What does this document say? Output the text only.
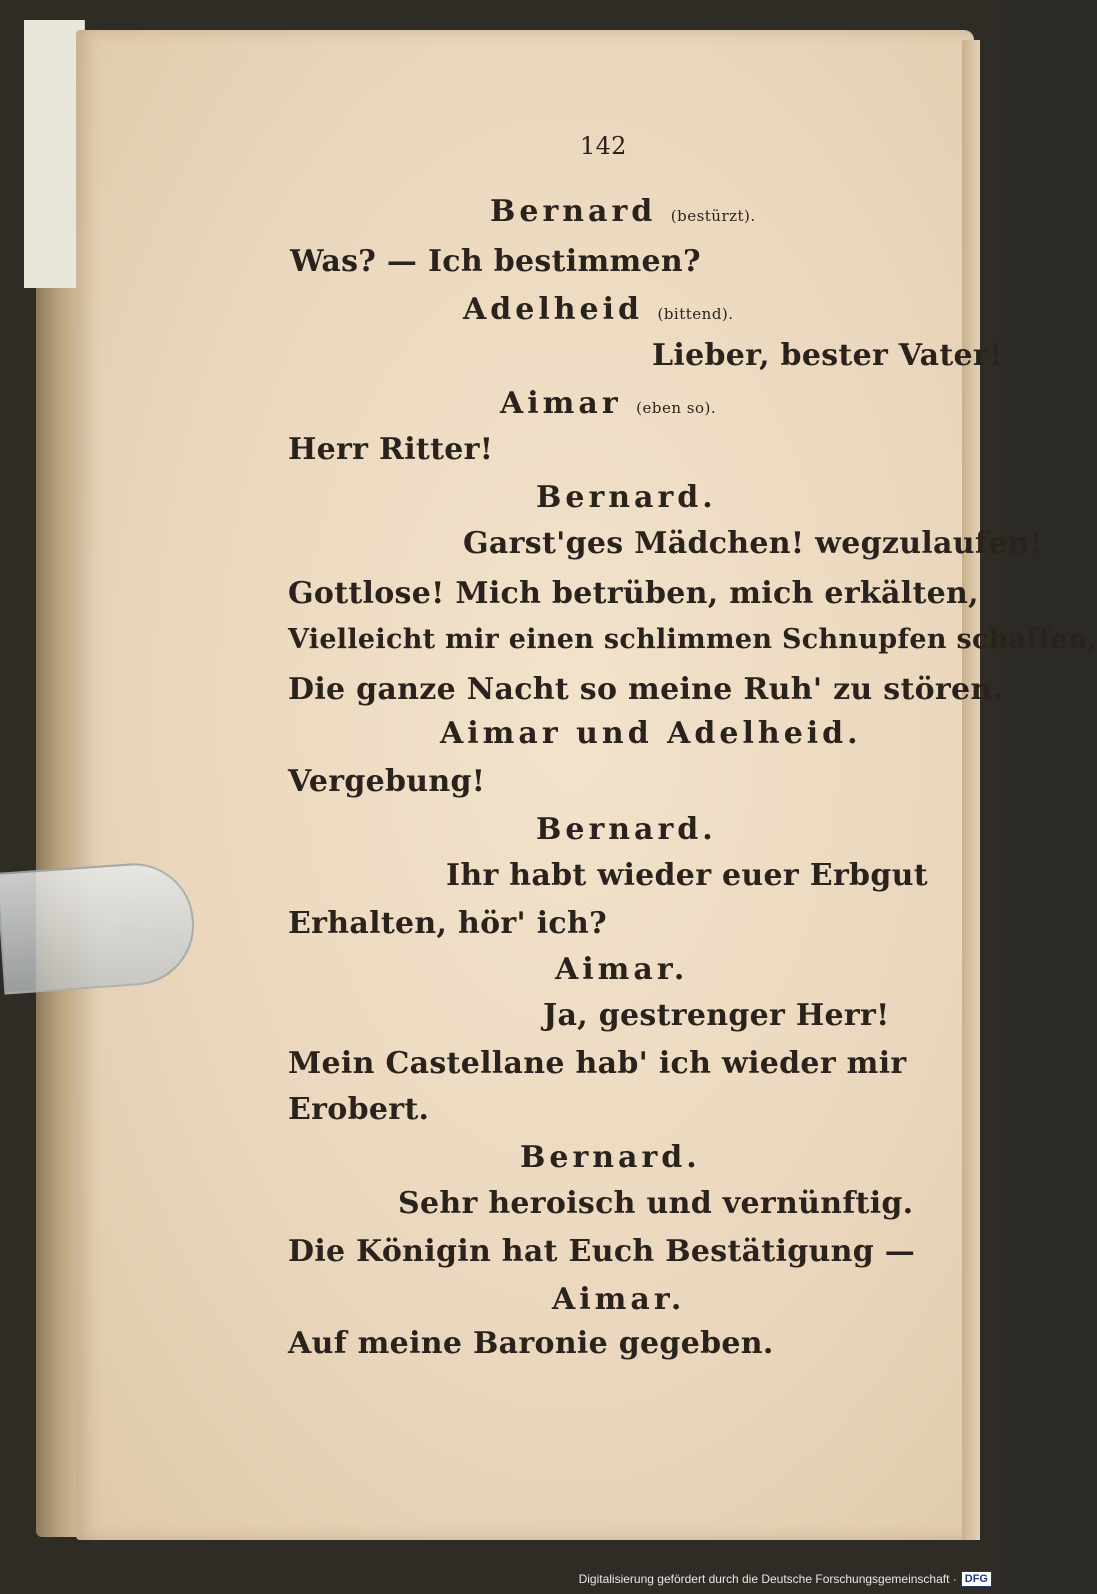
142
Bernard (bestürzt).
Was? — Ich bestimmen?
Adelheid (bittend).
Lieber, bester Vater!
Aimar (eben so).
Herr Ritter!
Bernard.
Garst'ges Mädchen! wegzulaufen!
Gottlose! Mich betrüben, mich erkälten,
Vielleicht mir einen schlimmen Schnupfen schaffen,
Die ganze Nacht so meine Ruh' zu stören.
Aimar und Adelheid.
Vergebung!
Bernard.
Ihr habt wieder euer Erbgut
Erhalten, hör' ich?
Aimar.
Ja, gestrenger Herr!
Mein Castellane hab' ich wieder mir
Erobert.
Bernard.
Sehr heroisch und vernünftig.
Die Königin hat Euch Bestätigung —
Aimar.
Auf meine Baronie gegeben.
Digitalisierung gefördert durch die Deutsche Forschungsgemeinschaft · DFG
